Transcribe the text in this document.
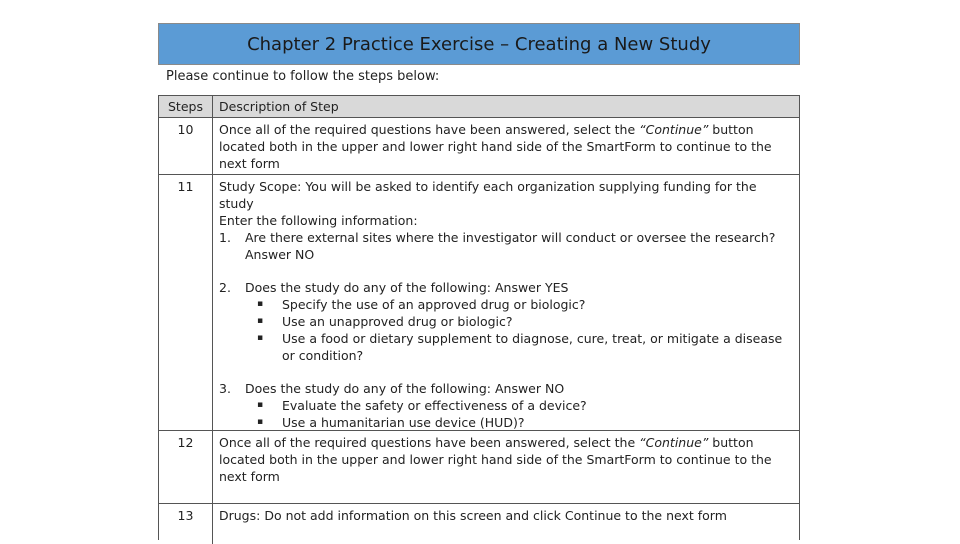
Chapter 2 Practice Exercise – Creating a New Study
Please continue to follow the steps below:
Steps	Description of Step
10	Once all of the required questions have been answered, select the “Continue” button located both in the upper and lower right hand side of the SmartForm to continue to the next form
11	Study Scope: You will be asked to identify each organization supplying funding for the study
Enter the following information:
1.	Are there external sites where the investigator will conduct or oversee the research? Answer NO
2.	Does the study do any of the following: Answer YES
▪	Specify the use of an approved drug or biologic?
▪	Use an unapproved drug or biologic?
▪	Use a food or dietary supplement to diagnose, cure, treat, or mitigate a disease or condition?
3.	Does the study do any of the following: Answer NO
▪	Evaluate the safety or effectiveness of a device?
▪	Use a humanitarian use device (HUD)?
12	Once all of the required questions have been answered, select the “Continue” button located both in the upper and lower right hand side of the SmartForm to continue to the next form
13	Drugs: Do not add information on this screen and click Continue to the next form
